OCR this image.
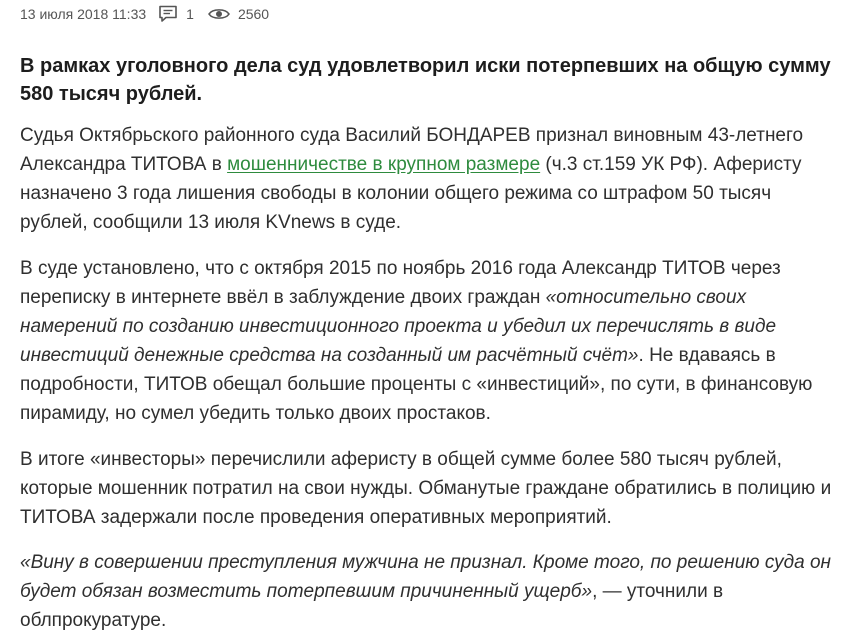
13 июля 2018 11:33	1	2560
В рамках уголовного дела суд удовлетворил иски потерпевших на общую сумму 580 тысяч рублей.

Судья Октябрьского районного суда Василий БОНДАРЕВ признал виновным 43-летнего Александра ТИТОВА в мошенничестве в крупном размере (ч.3 ст.159 УК РФ). Аферисту назначено 3 года лишения свободы в колонии общего режима со штрафом 50 тысяч рублей, сообщили 13 июля KVnews в суде.

В суде установлено, что с октября 2015 по ноябрь 2016 года Александр ТИТОВ через переписку в интернете ввёл в заблуждение двоих граждан «относительно своих намерений по созданию инвестиционного проекта и убедил их перечислять в виде инвестиций денежные средства на созданный им расчётный счёт». Не вдаваясь в подробности, ТИТОВ обещал большие проценты с «инвестиций», по сути, в финансовую пирамиду, но сумел убедить только двоих простаков.

В итоге «инвесторы» перечислили аферисту в общей сумме более 580 тысяч рублей, которые мошенник потратил на свои нужды. Обманутые граждане обратились в полицию и ТИТОВА задержали после проведения оперативных мероприятий.

«Вину в совершении преступления мужчина не признал. Кроме того, по решению суда он будет обязан возместить потерпевшим причиненный ущерб», — уточнили в облпрокуратуре.
